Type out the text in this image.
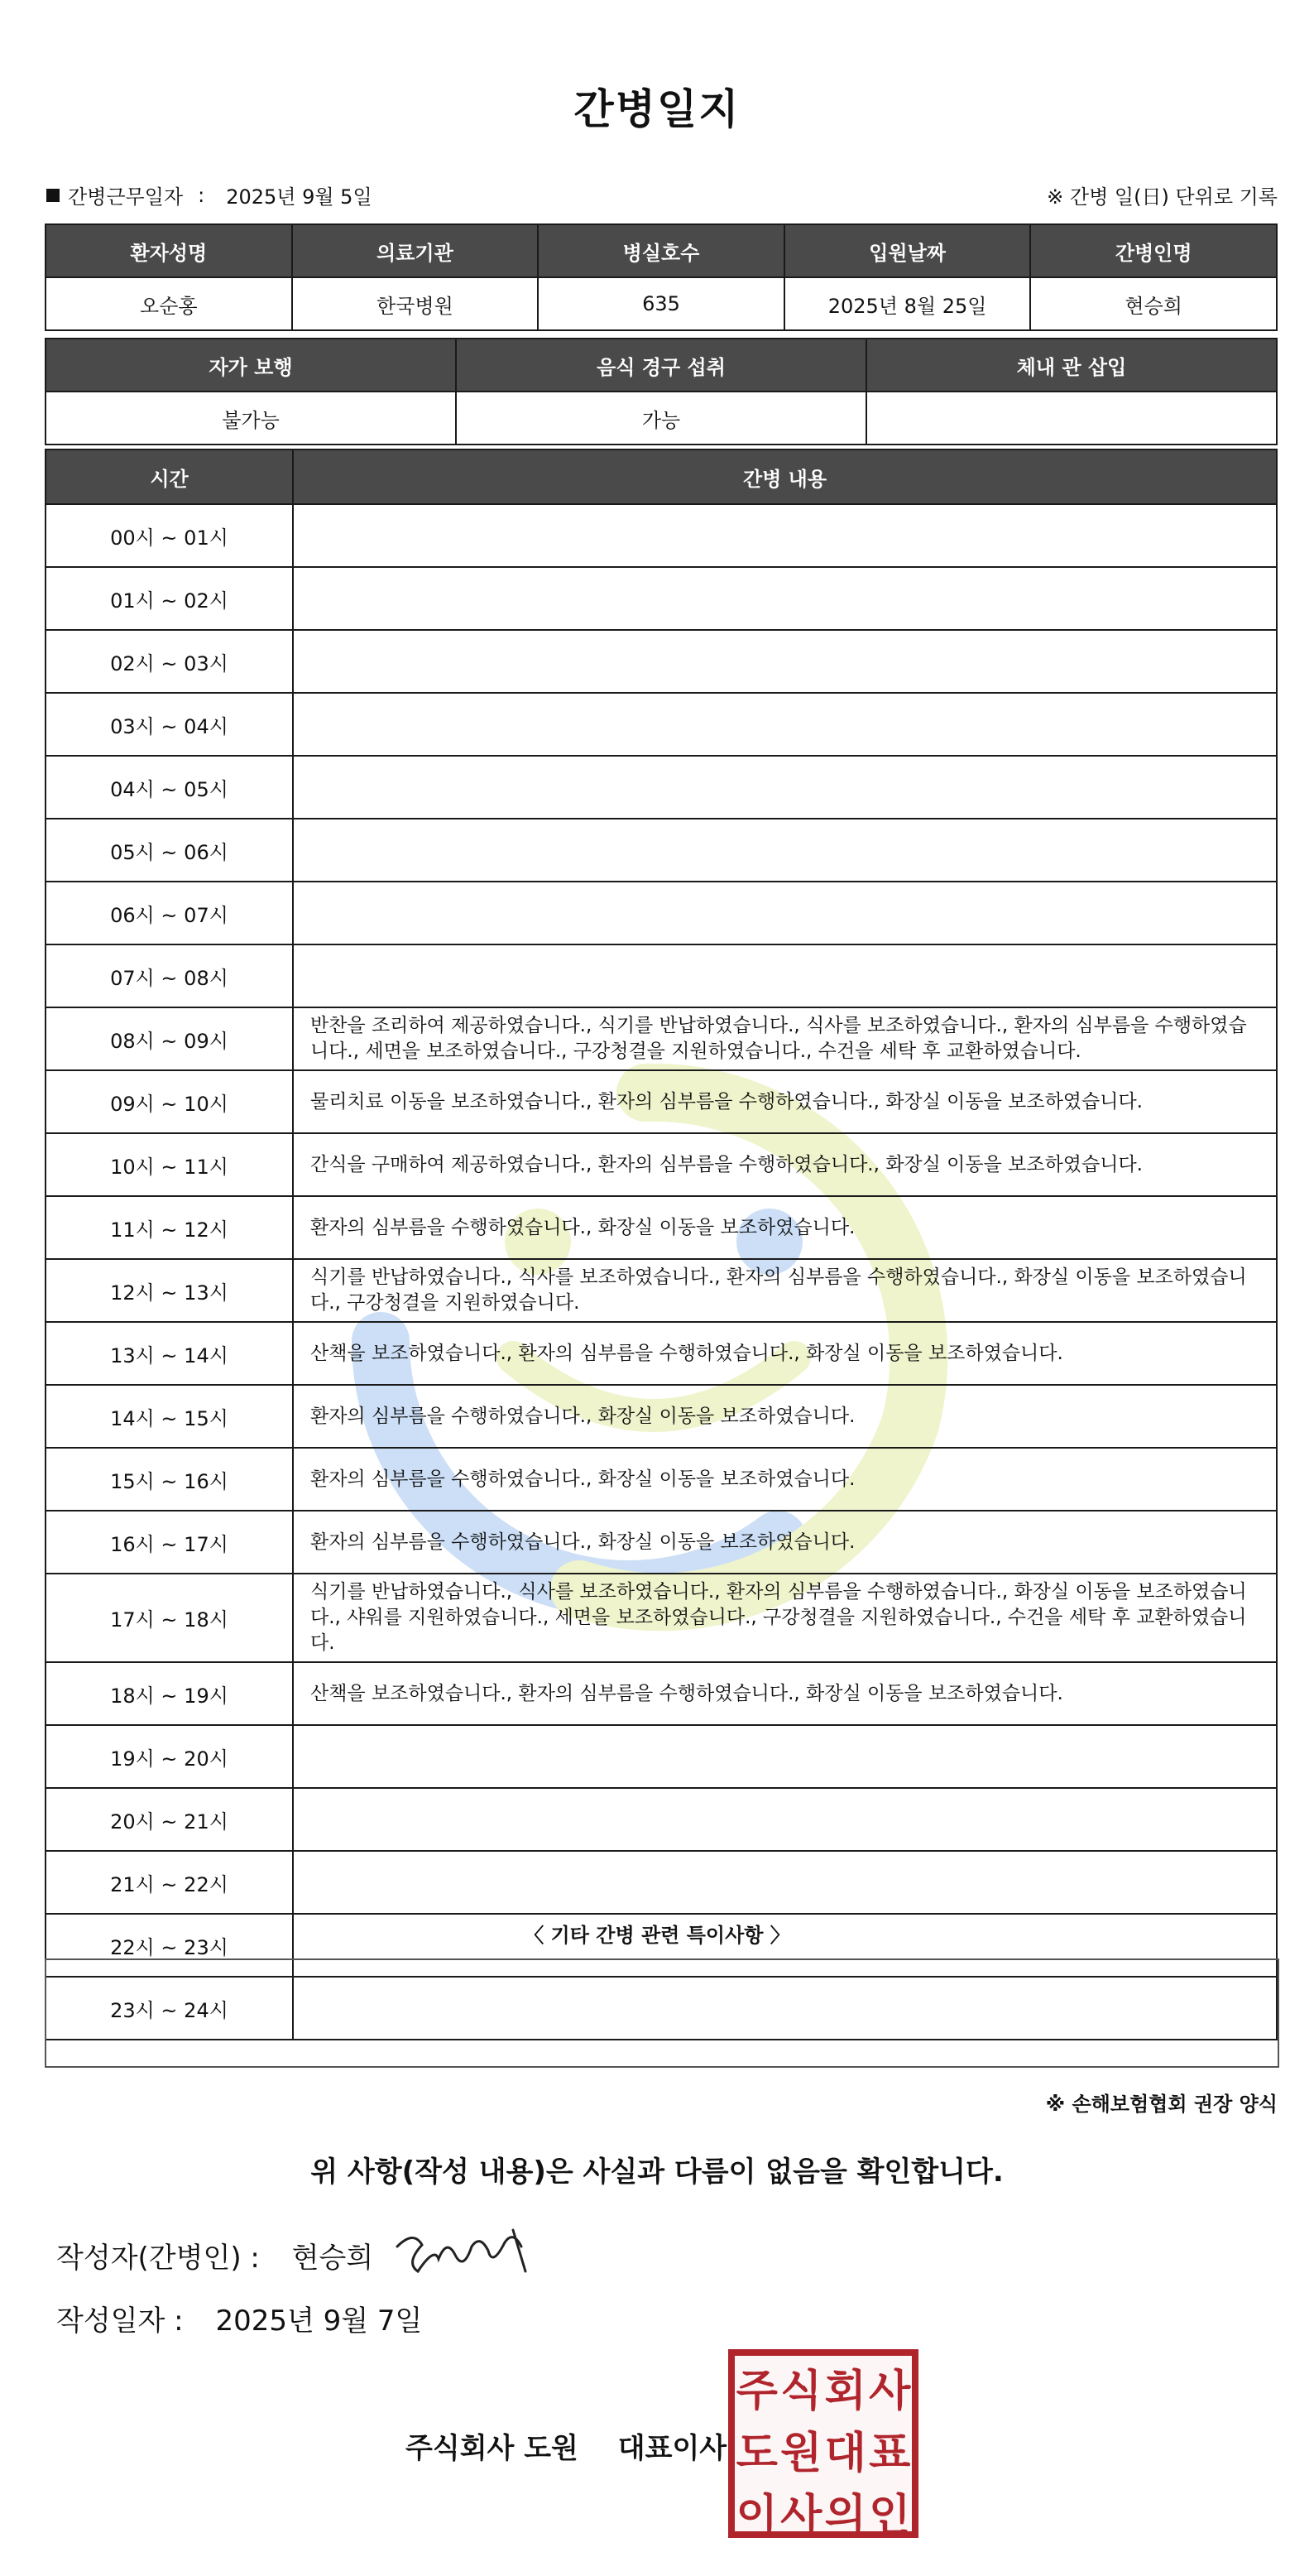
간병일지
간병근무일자 : 2025년 9월 5일	※ 간병 일(日) 단위로 기록
환자성명	의료기관	병실호수	입원날짜	간병인명
오순홍	한국병원	635	2025년 8월 25일	현승희
자가 보행	음식 경구 섭취	체내 관 삽입
불가능	가능	
시간	간병 내용
00시 ~ 01시	
01시 ~ 02시	
02시 ~ 03시	
03시 ~ 04시	
04시 ~ 05시	
05시 ~ 06시	
06시 ~ 07시	
07시 ~ 08시	
08시 ~ 09시	반찬을 조리하여 제공하였습니다., 식기를 반납하였습니다., 식사를 보조하였습니다., 환자의 심부름을 수행하였습니다., 세면을 보조하였습니다., 구강청결을 지원하였습니다., 수건을 세탁 후 교환하였습니다.
09시 ~ 10시	물리치료 이동을 보조하였습니다., 환자의 심부름을 수행하였습니다., 화장실 이동을 보조하였습니다.
10시 ~ 11시	간식을 구매하여 제공하였습니다., 환자의 심부름을 수행하였습니다., 화장실 이동을 보조하였습니다.
11시 ~ 12시	환자의 심부름을 수행하였습니다., 화장실 이동을 보조하였습니다.
12시 ~ 13시	식기를 반납하였습니다., 식사를 보조하였습니다., 환자의 심부름을 수행하였습니다., 화장실 이동을 보조하였습니다., 구강청결을 지원하였습니다.
13시 ~ 14시	산책을 보조하였습니다., 환자의 심부름을 수행하였습니다., 화장실 이동을 보조하였습니다.
14시 ~ 15시	환자의 심부름을 수행하였습니다., 화장실 이동을 보조하였습니다.
15시 ~ 16시	환자의 심부름을 수행하였습니다., 화장실 이동을 보조하였습니다.
16시 ~ 17시	환자의 심부름을 수행하였습니다., 화장실 이동을 보조하였습니다.
17시 ~ 18시	식기를 반납하였습니다., 식사를 보조하였습니다., 환자의 심부름을 수행하였습니다., 화장실 이동을 보조하였습니다., 샤워를 지원하였습니다., 세면을 보조하였습니다., 구강청결을 지원하였습니다., 수건을 세탁 후 교환하였습니다.
18시 ~ 19시	산책을 보조하였습니다., 환자의 심부름을 수행하였습니다., 화장실 이동을 보조하였습니다.
19시 ~ 20시	
20시 ~ 21시	
21시 ~ 22시	
22시 ~ 23시	
23시 ~ 24시	
〈 기타 간병 관련 특이사항 〉
※ 손해보험협회 권장 양식
위 사항(작성 내용)은 사실과 다름이 없음을 확인합니다.
작성자(간병인) : 현승희
작성일자 : 2025년 9월 7일
주식회사 도원 대표이사
주 식 회 사
도 원 대 표
이 사 의 인
